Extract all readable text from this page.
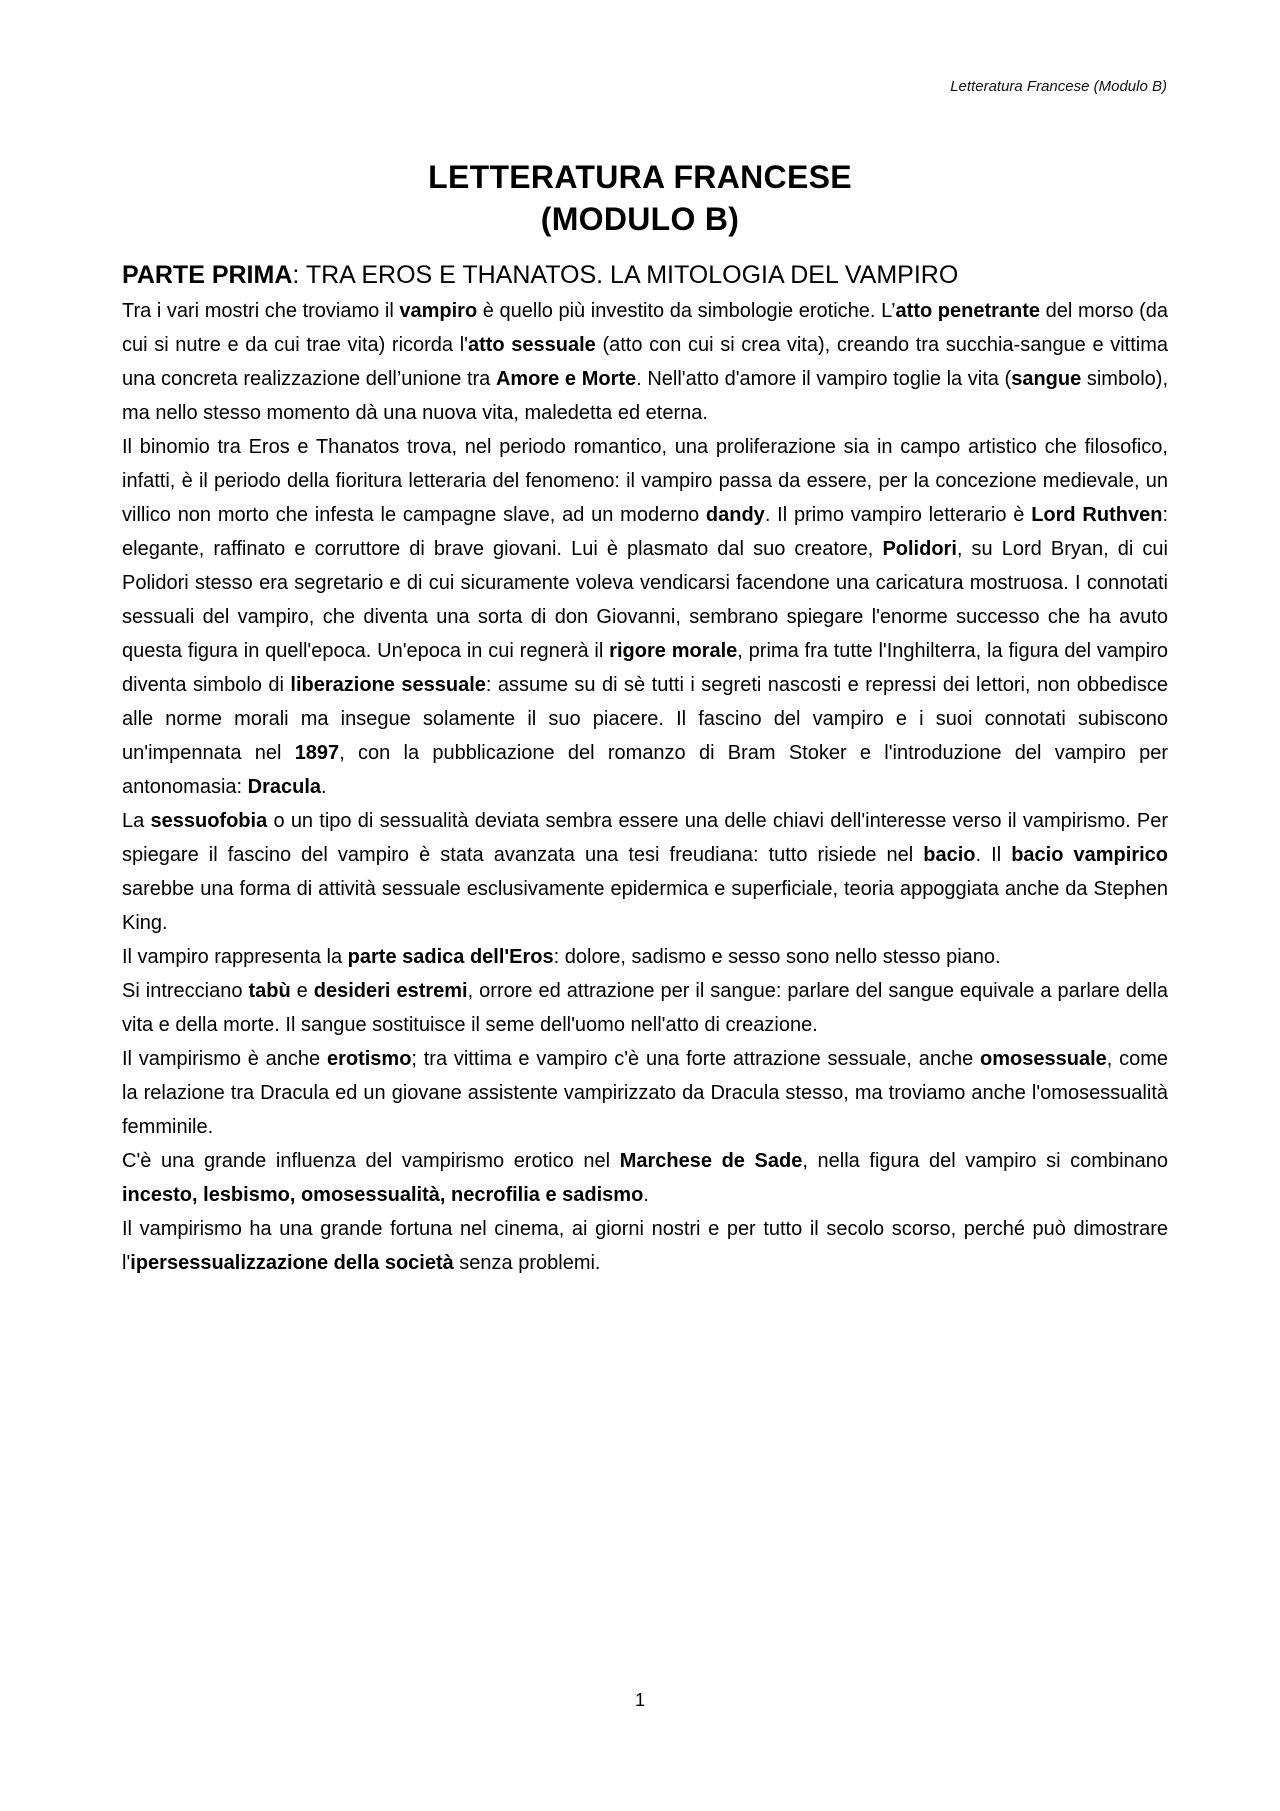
Letteratura Francese (Modulo B)
LETTERATURA FRANCESE
(MODULO B)
PARTE PRIMA: TRA EROS E THANATOS. LA MITOLOGIA DEL VAMPIRO

Tra i vari mostri che troviamo il vampiro è quello più investito da simbologie erotiche. L’atto penetrante del morso (da cui si nutre e da cui trae vita) ricorda l'atto sessuale (atto con cui si crea vita), creando tra succhia-sangue e vittima una concreta realizzazione dell’unione tra Amore e Morte. Nell'atto d'amore il vampiro toglie la vita (sangue simbolo), ma nello stesso momento dà una nuova vita, maledetta ed eterna.

Il binomio tra Eros e Thanatos trova, nel periodo romantico, una proliferazione sia in campo artistico che filosofico, infatti, è il periodo della fioritura letteraria del fenomeno: il vampiro passa da essere, per la concezione medievale, un villico non morto che infesta le campagne slave, ad un moderno dandy. Il primo vampiro letterario è Lord Ruthven: elegante, raffinato e corruttore di brave giovani. Lui è plasmato dal suo creatore, Polidori, su Lord Bryan, di cui Polidori stesso era segretario e di cui sicuramente voleva vendicarsi facendone una caricatura mostruosa. I connotati sessuali del vampiro, che diventa una sorta di don Giovanni, sembrano spiegare l'enorme successo che ha avuto questa figura in quell'epoca. Un'epoca in cui regnerà il rigore morale, prima fra tutte l'Inghilterra, la figura del vampiro diventa simbolo di liberazione sessuale: assume su di sè tutti i segreti nascosti e repressi dei lettori, non obbedisce alle norme morali ma insegue solamente il suo piacere. Il fascino del vampiro e i suoi connotati subiscono un'impennata nel 1897, con la pubblicazione del romanzo di Bram Stoker e l'introduzione del vampiro per antonomasia: Dracula.

La sessuofobia o un tipo di sessualità deviata sembra essere una delle chiavi dell'interesse verso il vampirismo. Per spiegare il fascino del vampiro è stata avanzata una tesi freudiana: tutto risiede nel bacio. Il bacio vampirico sarebbe una forma di attività sessuale esclusivamente epidermica e superficiale, teoria appoggiata anche da Stephen King.

Il vampiro rappresenta la parte sadica dell'Eros: dolore, sadismo e sesso sono nello stesso piano.

Si intrecciano tabù e desideri estremi, orrore ed attrazione per il sangue: parlare del sangue equivale a parlare della vita e della morte. Il sangue sostituisce il seme dell'uomo nell'atto di creazione.

Il vampirismo è anche erotismo; tra vittima e vampiro c'è una forte attrazione sessuale, anche omosessuale, come la relazione tra Dracula ed un giovane assistente vampirizzato da Dracula stesso, ma troviamo anche l'omosessualità femminile.

C'è una grande influenza del vampirismo erotico nel Marchese de Sade, nella figura del vampiro si combinano incesto, lesbismo, omosessualità, necrofilia e sadismo.

Il vampirismo ha una grande fortuna nel cinema, ai giorni nostri e per tutto il secolo scorso, perché può dimostrare l'ipersessualizzazione della società senza problemi.

1
